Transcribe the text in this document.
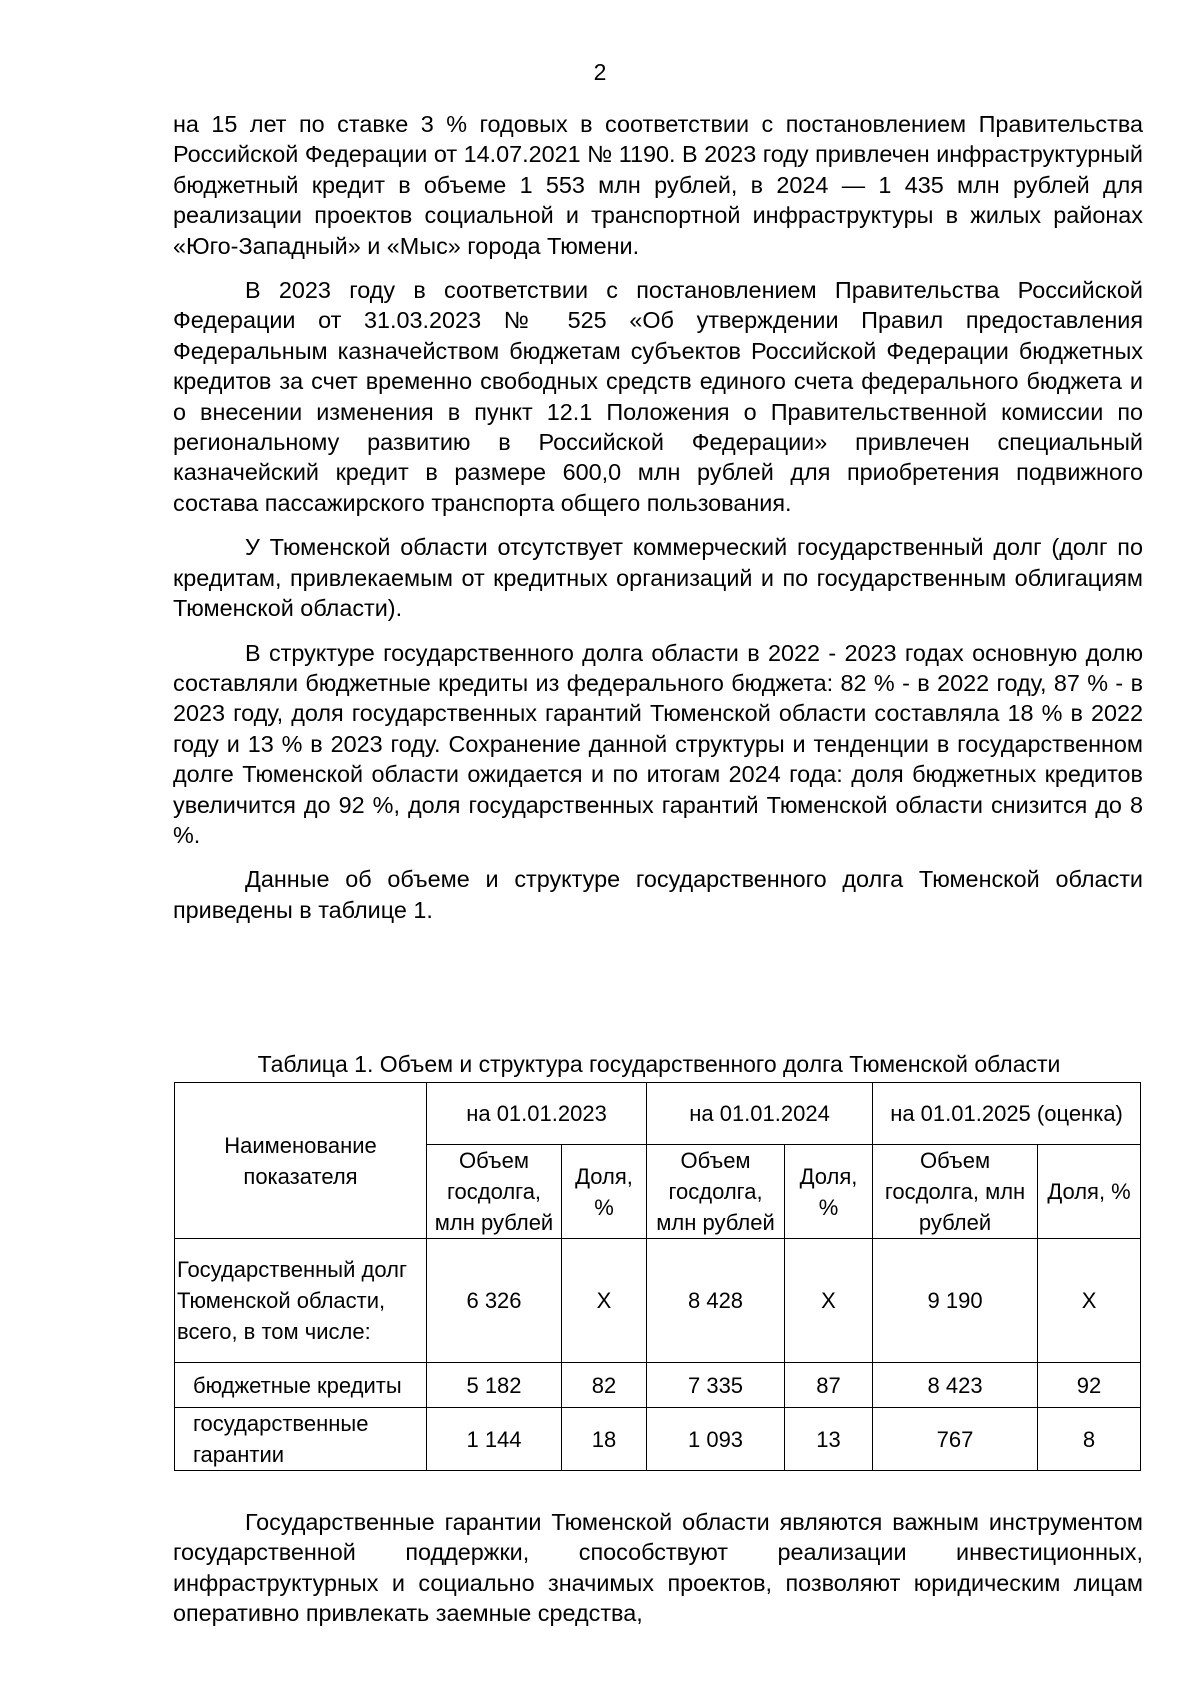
2

на 15 лет по ставке 3 % годовых в соответствии с постановлением Правительства Российской Федерации от 14.07.2021 № 1190. В 2023 году привлечен инфраструктурный бюджетный кредит в объеме 1 553 млн рублей, в 2024 — 1 435 млн рублей для реализации проектов социальной и транспортной инфраструктуры в жилых районах «Юго-Западный» и «Мыс» города Тюмени.

В 2023 году в соответствии с постановлением Правительства Российской Федерации от 31.03.2023 № 525 «Об утверждении Правил предоставления Федеральным казначейством бюджетам субъектов Российской Федерации бюджетных кредитов за счет временно свободных средств единого счета федерального бюджета и о внесении изменения в пункт 12.1 Положения о Правительственной комиссии по региональному развитию в Российской Федерации» привлечен специальный казначейский кредит в размере 600,0 млн рублей для приобретения подвижного состава пассажирского транспорта общего пользования.

У Тюменской области отсутствует коммерческий государственный долг (долг по кредитам, привлекаемым от кредитных организаций и по государственным облигациям Тюменской области).

В структуре государственного долга области в 2022 - 2023 годах основную долю составляли бюджетные кредиты из федерального бюджета: 82 % - в 2022 году, 87 % - в 2023 году, доля государственных гарантий Тюменской области составляла 18 % в 2022 году и 13 % в 2023 году. Сохранение данной структуры и тенденции в государственном долге Тюменской области ожидается и по итогам 2024 года: доля бюджетных кредитов увеличится до 92 %, доля государственных гарантий Тюменской области снизится до 8 %.

Данные об объеме и структуре государственного долга Тюменской области приведены в таблице 1.

Таблица 1. Объем и структура государственного долга Тюменской области
Наименование показателя	на 01.01.2023		на 01.01.2024		на 01.01.2025 (оценка)	
	Объем госдолга, млн рублей	Доля, %	Объем госдолга, млн рублей	Доля, %	Объем госдолга, млн рублей	Доля, %
Государственный долг Тюменской области, всего, в том числе:	6 326	Х	8 428	Х	9 190	Х
бюджетные кредиты	5 182	82	7 335	87	8 423	92
государственные гарантии	1 144	18	1 093	13	767	8

Государственные гарантии Тюменской области являются важным инструментом государственной поддержки, способствуют реализации инвестиционных, инфраструктурных и социально значимых проектов, позволяют юридическим лицам оперативно привлекать заемные средства,
